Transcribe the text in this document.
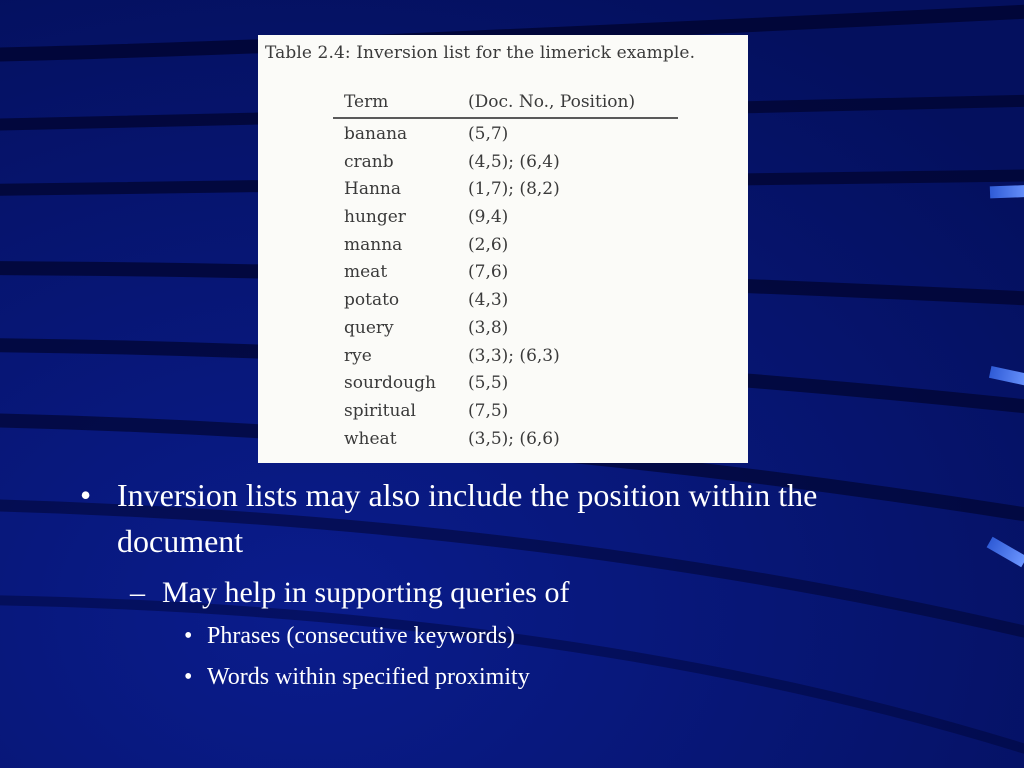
Table 2.4: Inversion list for the limerick example.
Term	(Doc. No., Position)
banana	(5,7)
cranb	(4,5); (6,4)
Hanna	(1,7); (8,2)
hunger	(9,4)
manna	(2,6)
meat	(7,6)
potato	(4,3)
query	(3,8)
rye	(3,3); (6,3)
sourdough (5,5)
spiritual	(7,5)
wheat	(3,5); (6,6)
• Inversion lists may also include the position within the document
– May help in supporting queries of
• Phrases (consecutive keywords)
• Words within specified proximity
